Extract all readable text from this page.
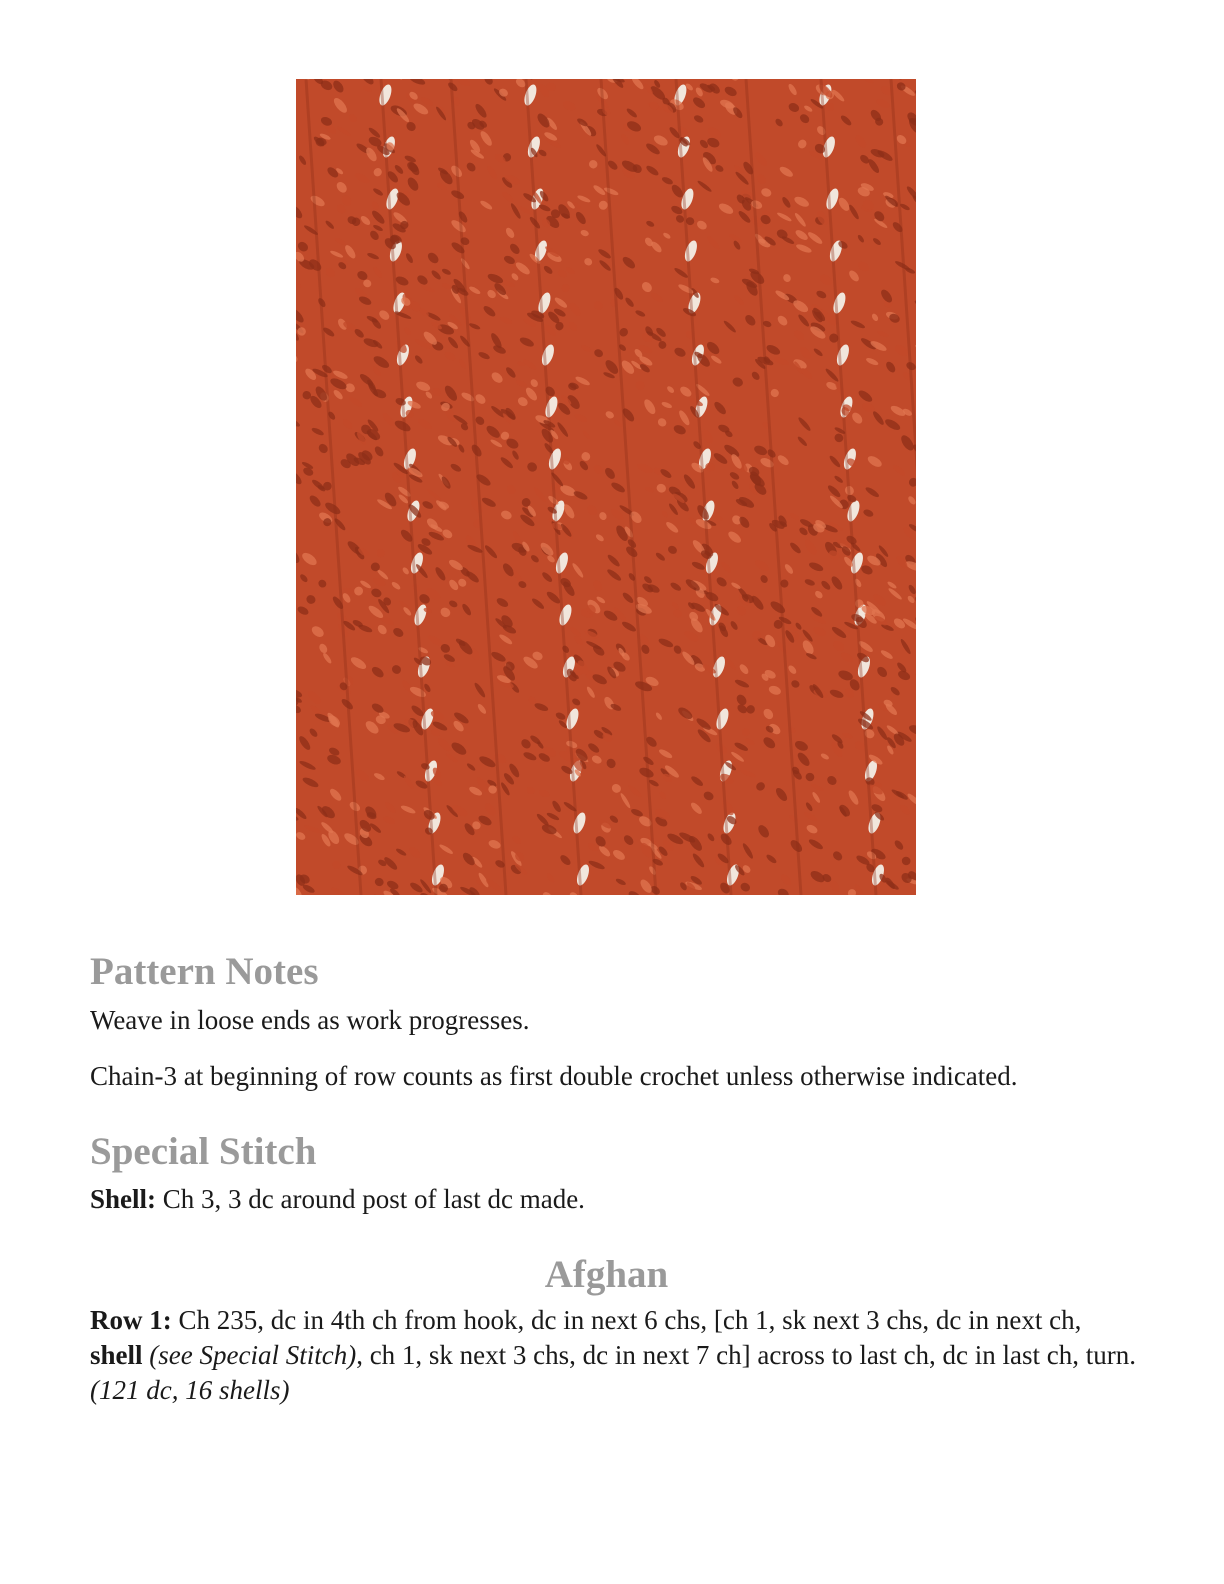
Pattern Notes

Weave in loose ends as work progresses.

Chain-3 at beginning of row counts as first double crochet unless otherwise indicated.

Special Stitch

Shell: Ch 3, 3 dc around post of last dc made.

Afghan

Row 1: Ch 235, dc in 4th ch from hook, dc in next 6 chs, [ch 1, sk next 3 chs, dc in next ch, shell (see Special Stitch), ch 1, sk next 3 chs, dc in next 7 ch] across to last ch, dc in last ch, turn. (121 dc, 16 shells)
